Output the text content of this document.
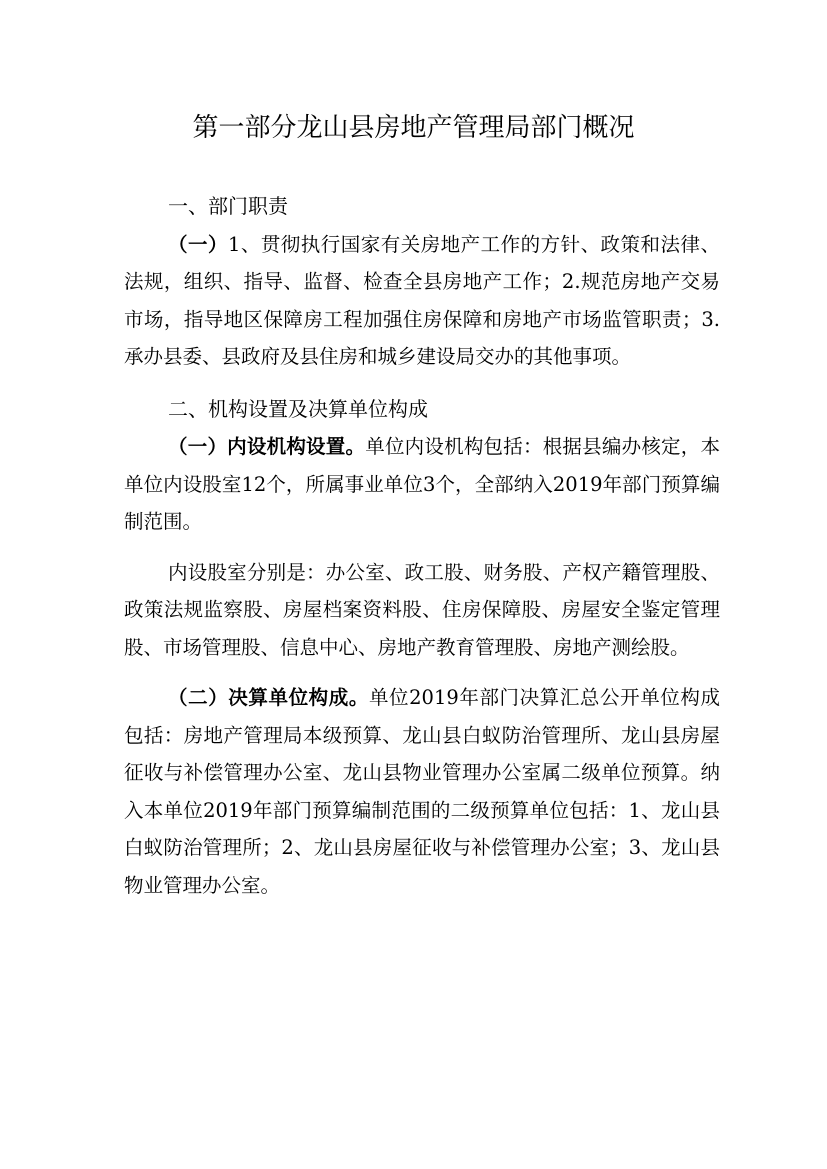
第一部分龙山县房地产管理局部门概况
一、部门职责

（一）1、贯彻执行国家有关房地产工作的方针、政策和法律、法规，组织、指导、监督、检查全县房地产工作；2.规范房地产交易市场，指导地区保障房工程加强住房保障和房地产市场监管职责；3.承办县委、县政府及县住房和城乡建设局交办的其他事项。

二、机构设置及决算单位构成

（一）内设机构设置。单位内设机构包括：根据县编办核定，本单位内设股室12个，所属事业单位3个，全部纳入2019年部门预算编制范围。

内设股室分别是：办公室、政工股、财务股、产权产籍管理股、政策法规监察股、房屋档案资料股、住房保障股、房屋安全鉴定管理股、市场管理股、信息中心、房地产教育管理股、房地产测绘股。

（二）决算单位构成。单位2019年部门决算汇总公开单位构成包括：房地产管理局本级预算、龙山县白蚁防治管理所、龙山县房屋征收与补偿管理办公室、龙山县物业管理办公室属二级单位预算。纳入本单位2019年部门预算编制范围的二级预算单位包括：1、龙山县白蚁防治管理所；2、龙山县房屋征收与补偿管理办公室；3、龙山县物业管理办公室。
